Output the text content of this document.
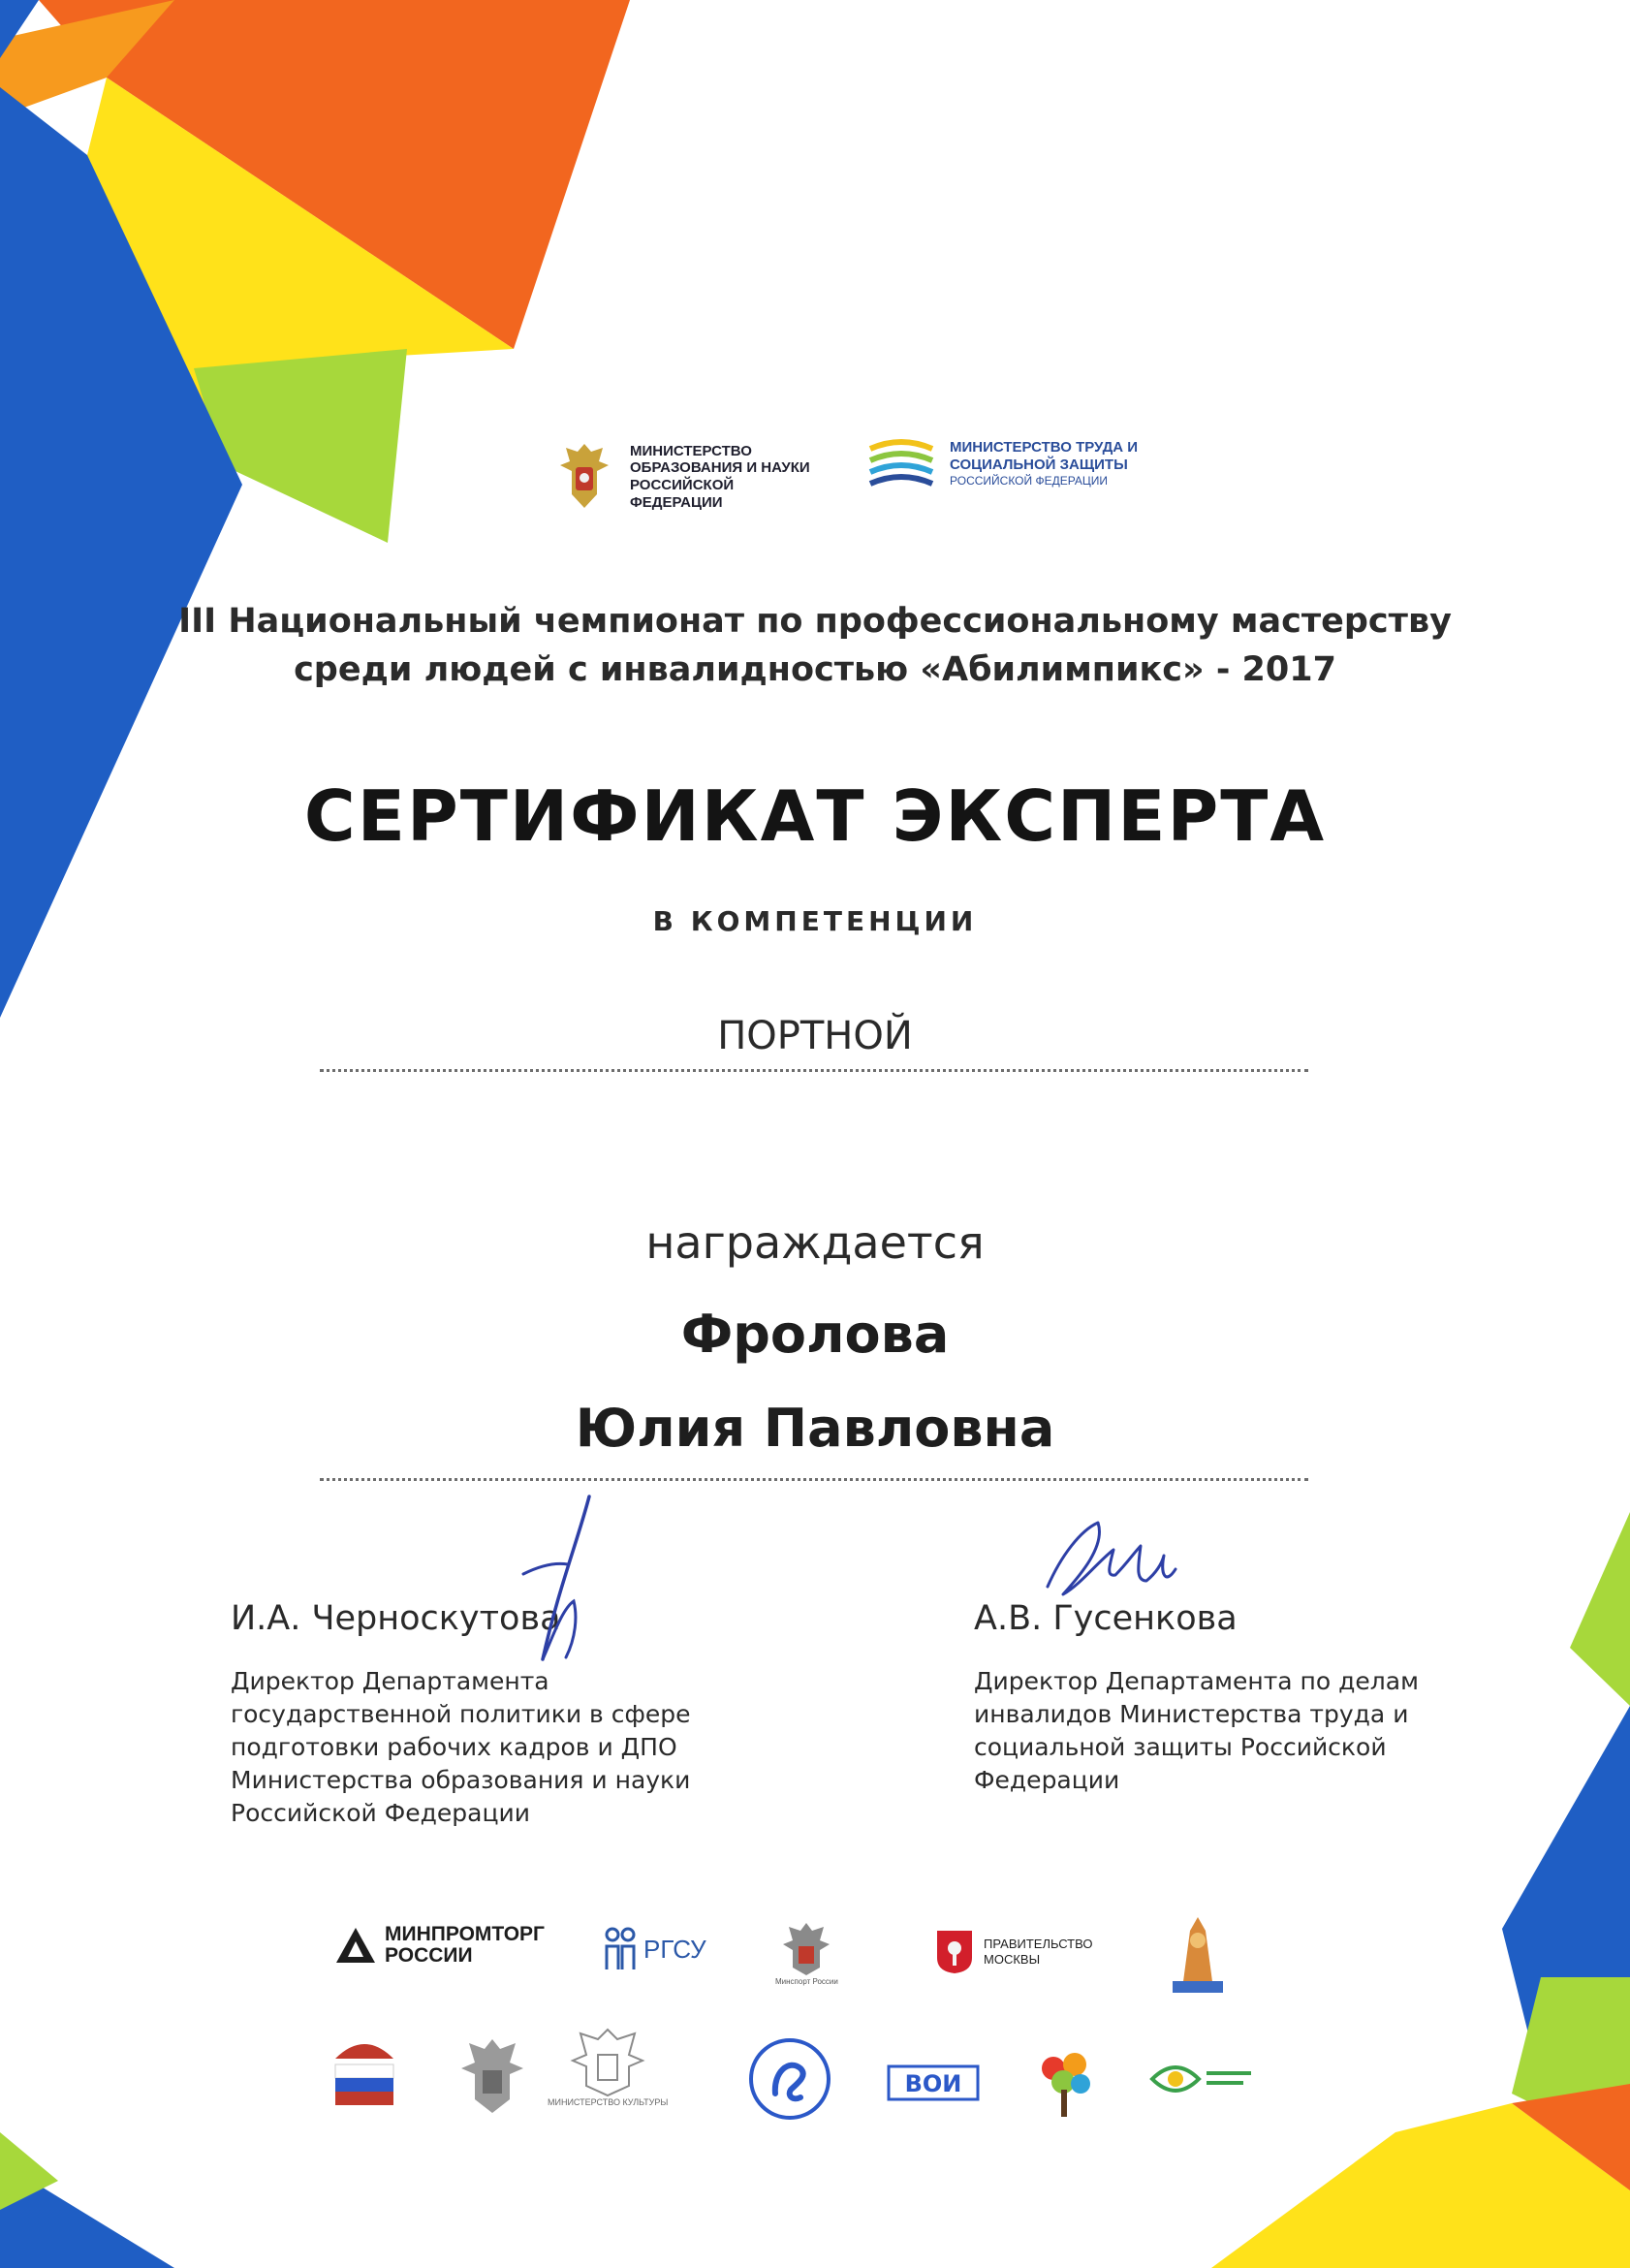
МИНИСТЕРСТВО ОБРАЗОВАНИЯ И НАУКИ РОССИЙСКОЙ ФЕДЕРАЦИИ
МИНИСТЕРСТВО ТРУДА И СОЦИАЛЬНОЙ ЗАЩИТЫ
РОССИЙСКОЙ ФЕДЕРАЦИИ
III Национальный чемпионат по профессиональному мастерству
среди людей с инвалидностью «Абилимпикс» - 2017
СЕРТИФИКАТ ЭКСПЕРТА
В КОМПЕТЕНЦИИ
ПОРТНОЙ
награждается
Фролова
Юлия Павловна
И.А. Черноскутова
Директор Департамента
государственной политики в сфере
подготовки рабочих кадров и ДПО
Министерства образования и науки
Российской Федерации
А.В. Гусенкова
Директор Департамента по делам
инвалидов Министерства труда и
социальной защиты Российской
Федерации
МИНПРОМТОРГ РОССИИ	РГСУ
Минспорт России
ПРАВИТЕЛЬСТВО МОСКВЫ
МИНИСТЕРСТВО КУЛЬТУРЫ
ВОИ
